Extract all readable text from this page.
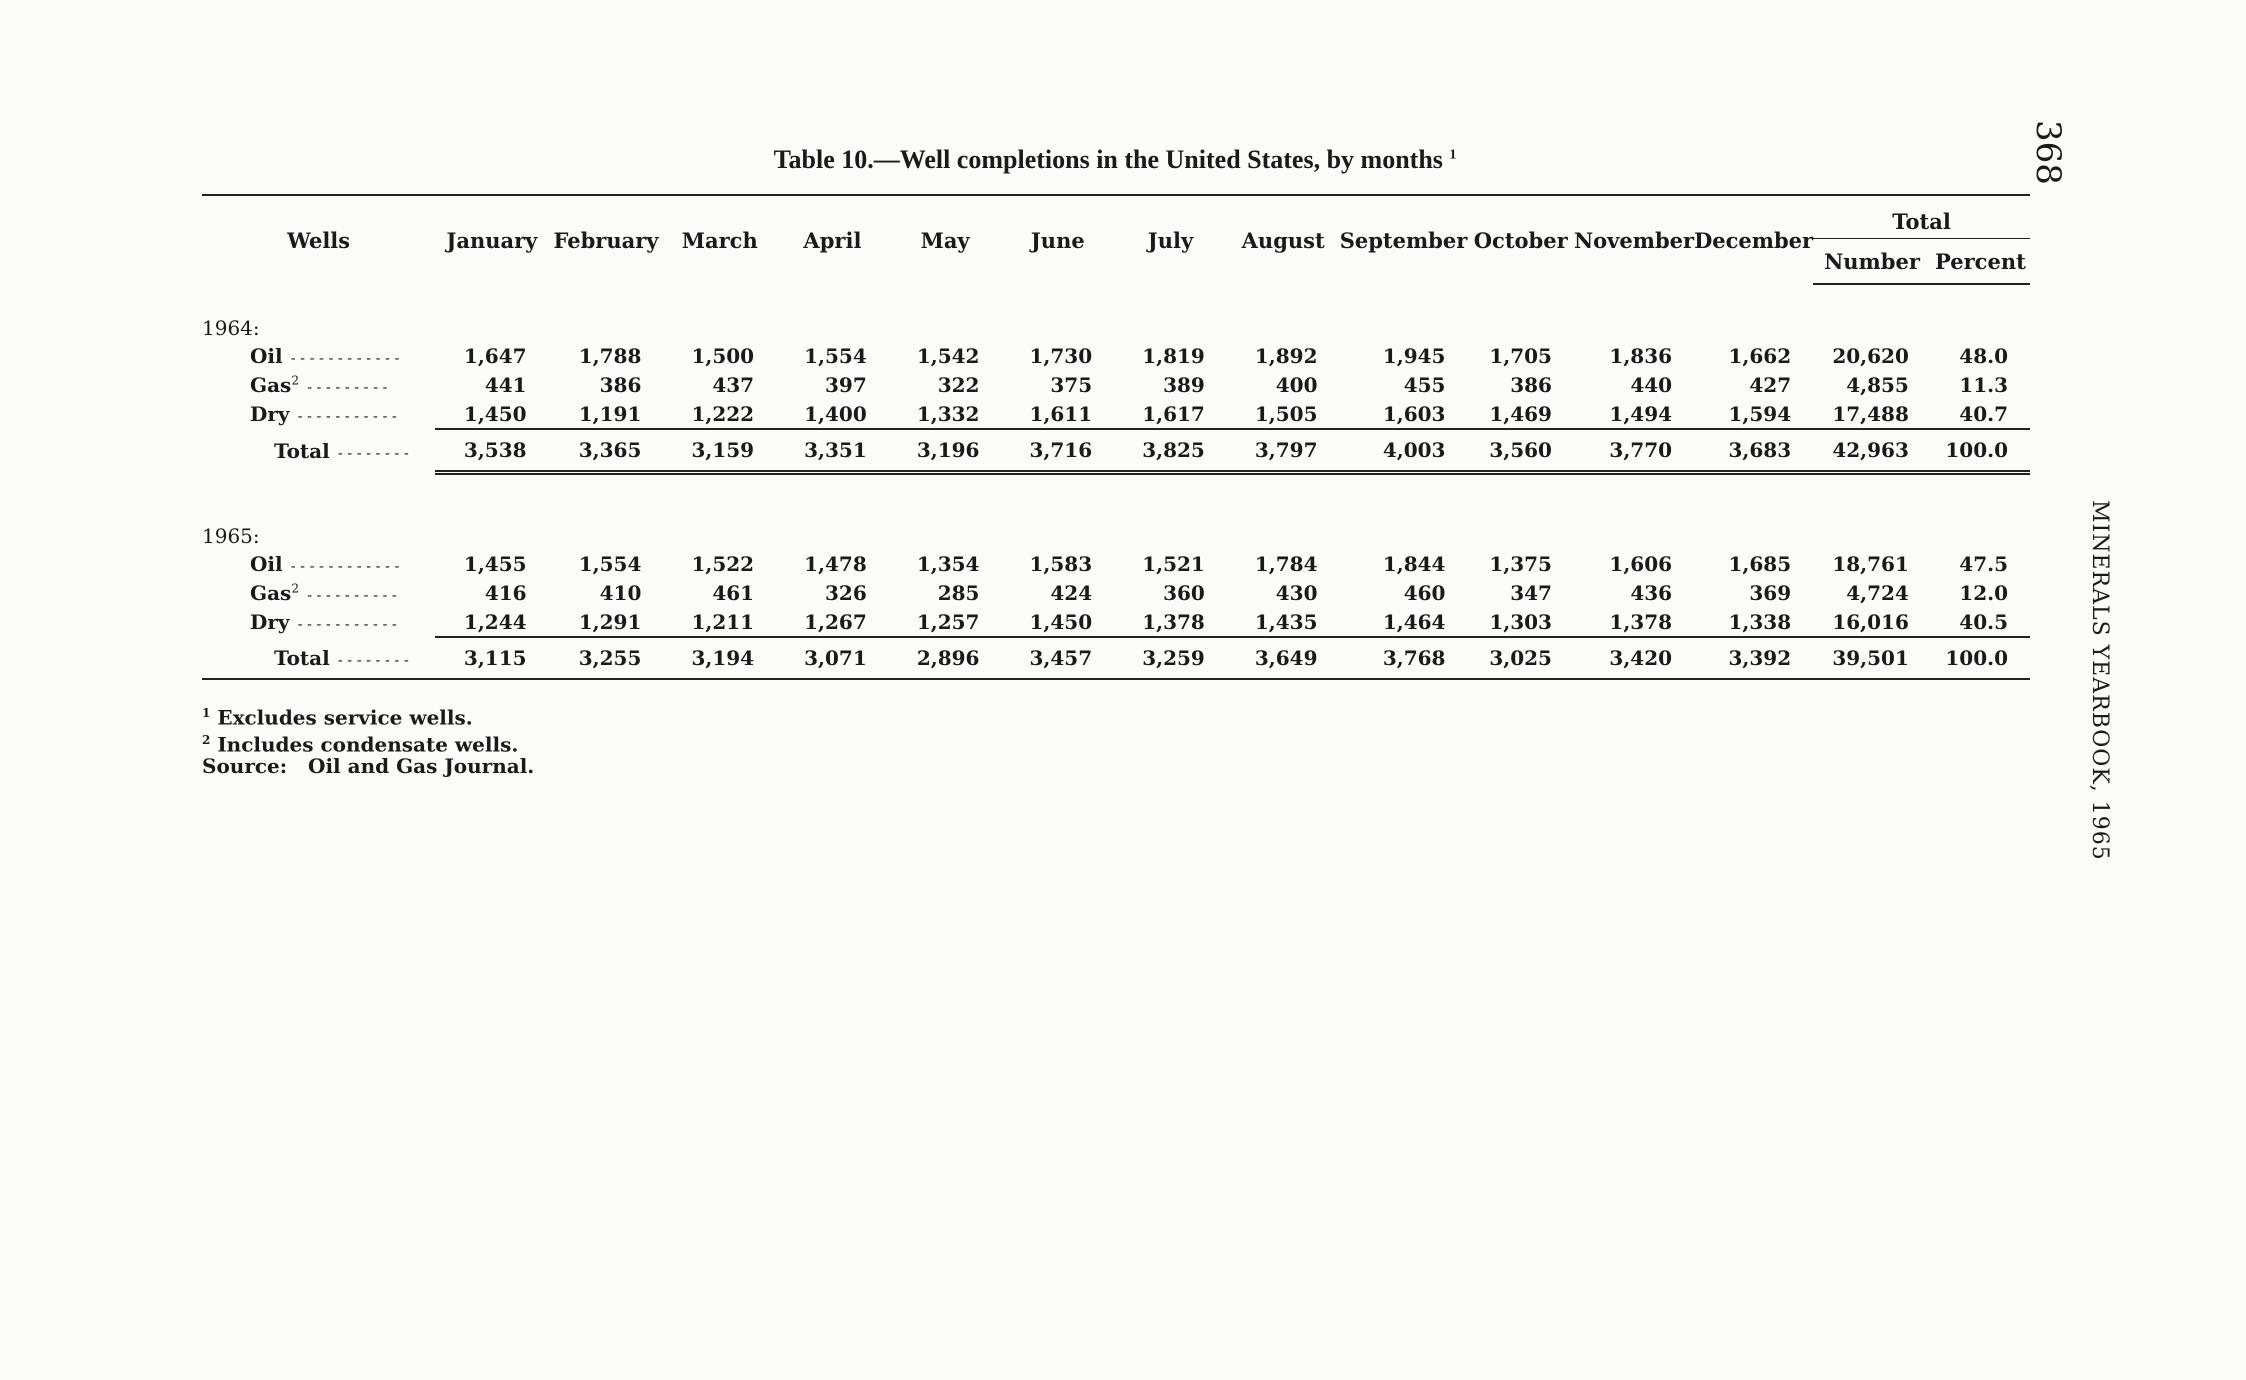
368
MINERALS YEARBOOK, 1965
Table 10.—Well completions in the United States, by months $^1$
Wells	January	February	March	April	May	June	July	August	September	October	November	December	Total	
													Number	Percent
1964:														
Oil ------------	1,647	1,788	1,500	1,554	1,542	1,730	1,819	1,892	1,945	1,705	1,836	1,662	20,620	48.0
Gas$^2$ ---------	441	386	437	397	322	375	389	400	455	386	440	427	4,855	11.3
Dry -----------	1,450	1,191	1,222	1,400	1,332	1,611	1,617	1,505	1,603	1,469	1,494	1,594	17,488	40.7
Total --------	3,538	3,365	3,159	3,351	3,196	3,716	3,825	3,797	4,003	3,560	3,770	3,683	42,963	100.0

1965:														
Oil ------------	1,455	1,554	1,522	1,478	1,354	1,583	1,521	1,784	1,844	1,375	1,606	1,685	18,761	47.5
Gas$^2$ ----------	416	410	461	326	285	424	360	430	460	347	436	369	4,724	12.0
Dry -----------	1,244	1,291	1,211	1,267	1,257	1,450	1,378	1,435	1,464	1,303	1,378	1,338	16,016	40.5
Total --------	3,115	3,255	3,194	3,071	2,896	3,457	3,259	3,649	3,768	3,025	3,420	3,392	39,501	100.0
$^1$ Excludes service wells.
$^2$ Includes condensate wells.
Source:   Oil and Gas Journal.
